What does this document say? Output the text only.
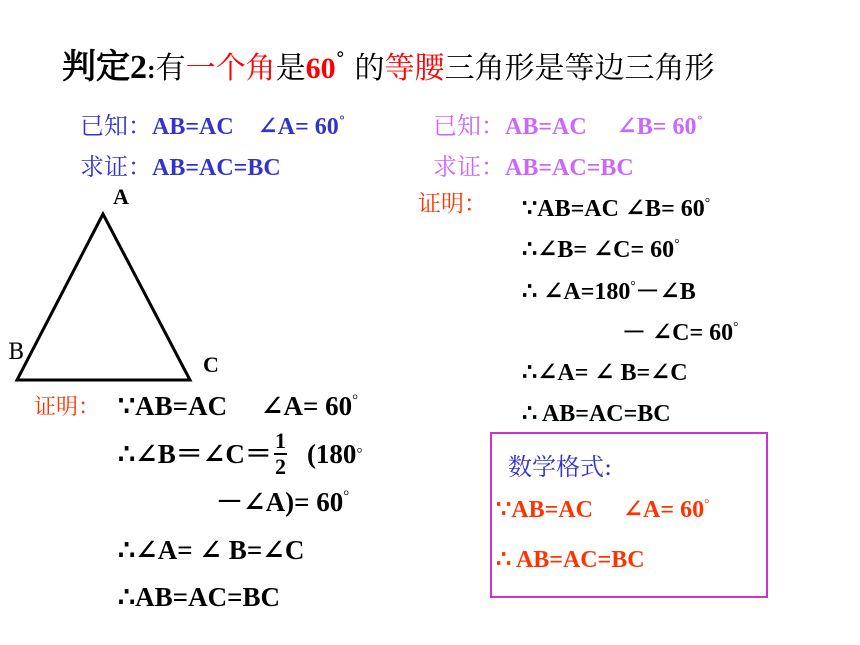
判定2:有一个角是60° 的等腰三角形是等边三角形
已知：AB=AC　∠A= 60°
求证：AB=AC=BC
已知：AB=AC　 ∠B= 60°
求证：AB=AC=BC
A
B	C
证明： ∵AB=AC ∠B= 60°
∴∠B= ∠C= 60°
∴ ∠A=180°－∠B
－ ∠C= 60°
∴∠A= ∠ B=∠C
∴ AB=AC=BC
证明： ∵AB=AC　 ∠A= 60°
∴∠B＝∠C＝ $\frac{1}{2} (180$ °
－∠A)= 60°
∴∠A= ∠ B=∠C
∴AB=AC=BC
数学格式:
∵AB=AC　 ∠A= 60°
∴ AB=AC=BC
